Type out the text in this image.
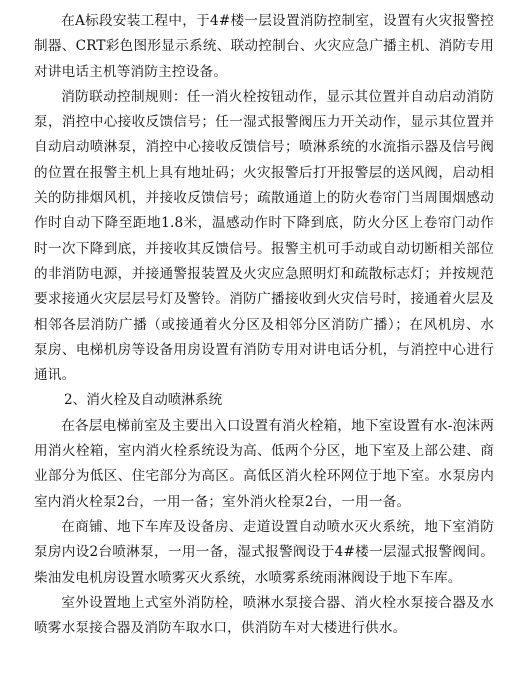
在A标段安装工程中，于4#楼一层设置消防控制室，设置有火灾报警控制器、CRT彩色图形显示系统、联动控制台、火灾应急广播主机、消防专用对讲电话主机等消防主控设备。

消防联动控制规则：任一消火栓按钮动作，显示其位置并自动启动消防泵，消控中心接收反馈信号；任一湿式报警阀压力开关动作，显示其位置并自动启动喷淋泵，消控中心接收反馈信号；喷淋系统的水流指示器及信号阀的位置在报警主机上具有地址码；火灾报警后打开报警层的送风阀，启动相关的防排烟风机，并接收反馈信号；疏散通道上的防火卷帘门当周围烟感动作时自动下降至距地1.8米，温感动作时下降到底，防火分区上卷帘门动作时一次下降到底，并接收其反馈信号。报警主机可手动或自动切断相关部位的非消防电源，并接通警报装置及火灾应急照明灯和疏散标志灯；并按规范要求接通火灾层层号灯及警铃。消防广播接收到火灾信号时，接通着火层及相邻各层消防广播（或接通着火分区及相邻分区消防广播）；在风机房、水泵房、电梯机房等设备用房设置有消防专用对讲电话分机，与消控中心进行通讯。

2、消火栓及自动喷淋系统

在各层电梯前室及主要出入口设置有消火栓箱，地下室设置有水-泡沫两用消火栓箱，室内消火栓系统设为高、低两个分区，地下室及上部公建、商业部分为低区、住宅部分为高区。高低区消火栓环网位于地下室。水泵房内室内消火栓泵2台，一用一备；室外消火栓泵2台，一用一备。

在商铺、地下车库及设备房、走道设置自动喷水灭火系统，地下室消防泵房内设2台喷淋泵，一用一备，湿式报警阀设于4#楼一层湿式报警阀间。柴油发电机房设置水喷雾灭火系统，水喷雾系统雨淋阀设于地下车库。

室外设置地上式室外消防栓，喷淋水泵接合器、消火栓水泵接合器及水喷雾水泵接合器及消防车取水口，供消防车对大楼进行供水。
